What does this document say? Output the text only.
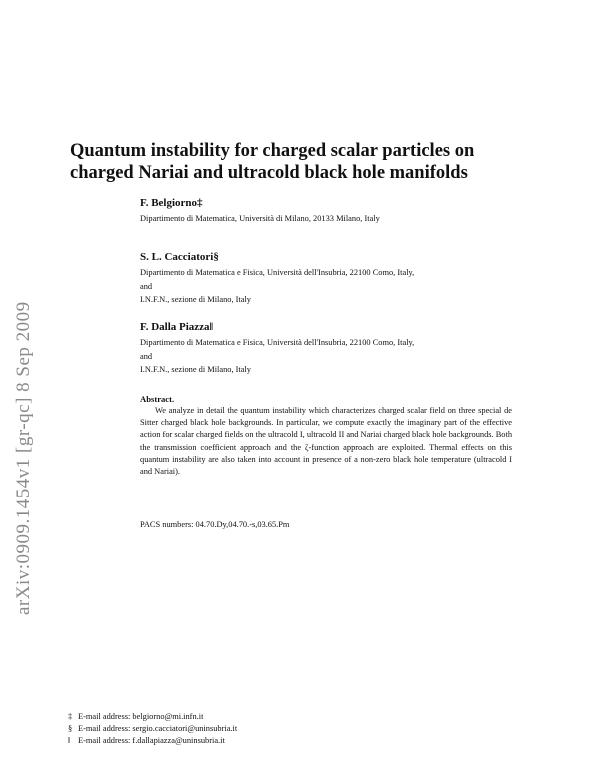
arXiv:0909.1454v1 [gr-qc] 8 Sep 2009
Quantum instability for charged scalar particles on
charged Nariai and ultracold black hole manifolds
F. Belgiorno‡
Dipartimento di Matematica, Università di Milano, 20133 Milano, Italy
S. L. Cacciatori§
Dipartimento di Matematica e Fisica, Università dell'Insubria, 22100 Como, Italy,
and
I.N.F.N., sezione di Milano, Italy
F. Dalla Piazza‖
Dipartimento di Matematica e Fisica, Università dell'Insubria, 22100 Como, Italy,
and
I.N.F.N., sezione di Milano, Italy
Abstract.
We analyze in detail the quantum instability which characterizes charged scalar field on three special de Sitter charged black hole backgrounds. In particular, we compute exactly the imaginary part of the effective action for scalar charged fields on the ultracold I, ultracold II and Nariai charged black hole backgrounds. Both the transmission coefficient approach and the ζ-function approach are exploited. Thermal effects on this quantum instability are also taken into account in presence of a non-zero black hole temperature (ultracold I and Nariai).
PACS numbers: 04.70.Dy,04.70.-s,03.65.Pm
‡ E-mail address: belgiorno@mi.infn.it
§ E-mail address: sergio.cacciatori@uninsubria.it
‖ E-mail address: f.dallapiazza@uninsubria.it
